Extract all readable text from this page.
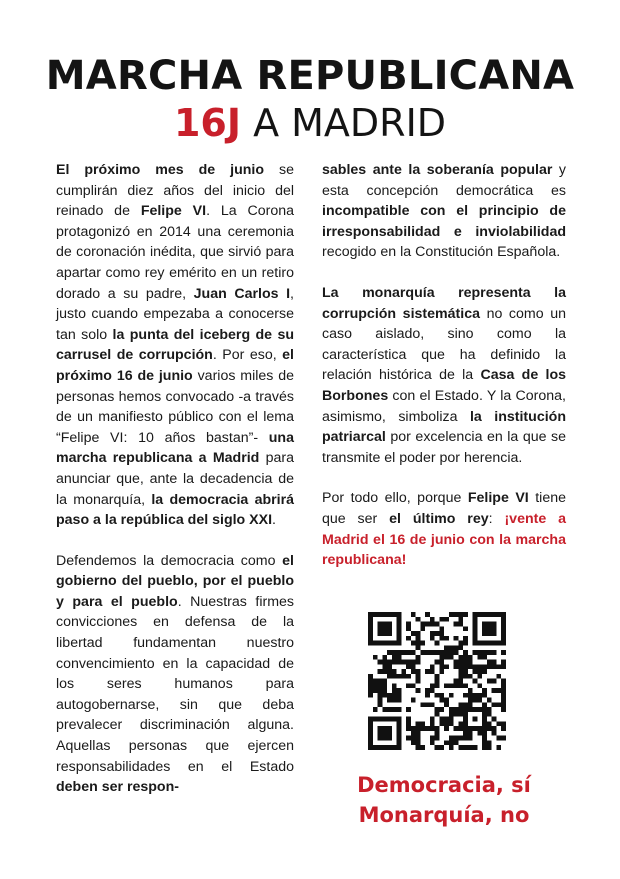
MARCHA REPUBLICANA
16J A MADRID

El próximo mes de junio se cumplirán diez años del inicio del reinado de Felipe VI. La Corona protagonizó en 2014 una ceremonia de coronación inédita, que sirvió para apartar como rey emérito en un retiro dorado a su padre, Juan Carlos I, justo cuando empezaba a conocerse tan solo la punta del iceberg de su carrusel de corrupción. Por eso, el próximo 16 de junio varios miles de personas hemos convocado -a través de un manifiesto público con el lema “Felipe VI: 10 años bastan”- una marcha republicana a Madrid para anunciar que, ante la decadencia de la monarquía, la democracia abrirá paso a la república del siglo XXI.

Defendemos la democracia como el gobierno del pueblo, por el pueblo y para el pueblo. Nuestras firmes convicciones en defensa de la libertad fundamentan nuestro convencimiento en la capacidad de los seres humanos para autogobernarse, sin que deba prevalecer discriminación alguna. Aquellas personas que ejercen responsabilidades en el Estado deben ser respon-

sables ante la soberanía popular y esta concepción democrática es incompatible con el principio de irresponsabilidad e inviolabilidad recogido en la Constitución Española.

La monarquía representa la corrupción sistemática no como un caso aislado, sino como la característica que ha definido la relación histórica de la Casa de los Borbones con el Estado. Y la Corona, asimismo, simboliza la institución patriarcal por excelencia en la que se transmite el poder por herencia.

Por todo ello, porque Felipe VI tiene que ser el último rey: ¡vente a Madrid el 16 de junio con la marcha republicana!

Democracia, sí
Monarquía, no
